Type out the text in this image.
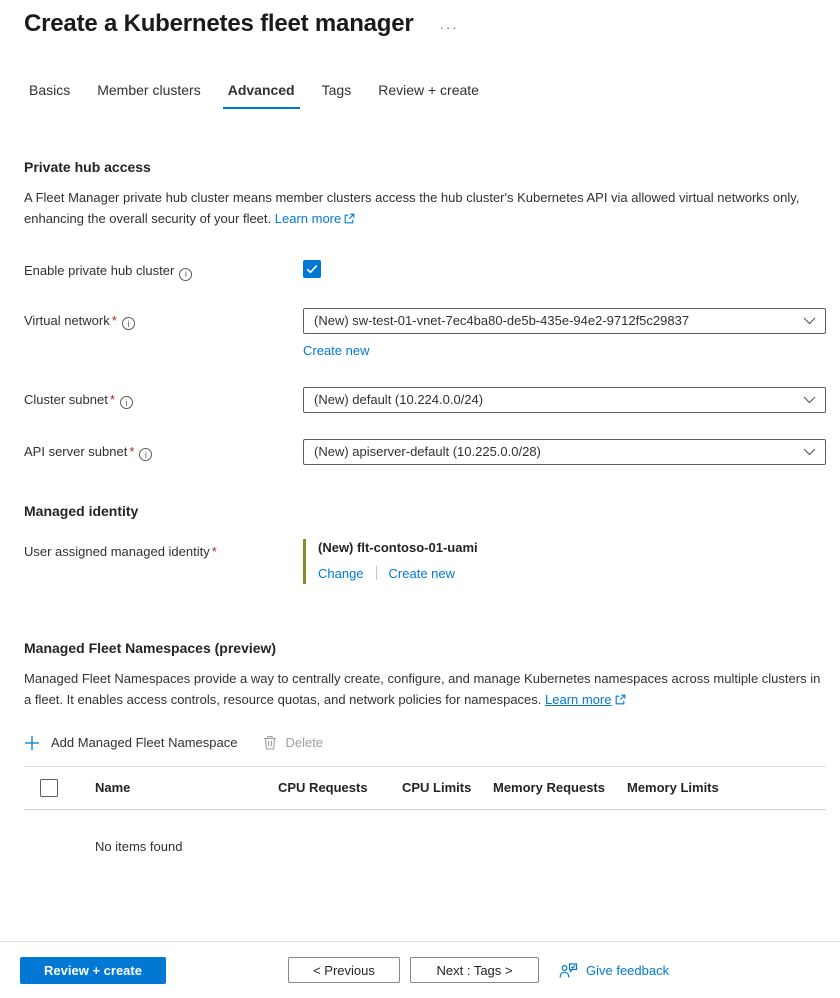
Create a Kubernetes fleet manager ···
Basics	Member clusters	Advanced	Tags	Review + create
Private hub access
A Fleet Manager private hub cluster means member clusters access the hub cluster's Kubernetes API via allowed virtual networks only, enhancing the overall security of your fleet. Learn more
Enable private hub cluster i
Virtual network * i	(New) sw-test-01-vnet-7ec4ba80-de5b-435e-94e2-9712f5c29837
Create new
Cluster subnet * i	(New) default (10.224.0.0/24)
API server subnet * i	(New) apiserver-default (10.225.0.0/28)
Managed identity
User assigned managed identity *	(New) flt-contoso-01-uami
Change Create new
Managed Fleet Namespaces (preview)
Managed Fleet Namespaces provide a way to centrally create, configure, and manage Kubernetes namespaces across multiple clusters in a fleet. It enables access controls, resource quotas, and network policies for namespaces. Learn more
Add Managed Fleet Namespace	Delete
Name	CPU Requests	CPU Limits	Memory Requests	Memory Limits
No items found
Review + create	< Previous	Next : Tags >	Give feedback
